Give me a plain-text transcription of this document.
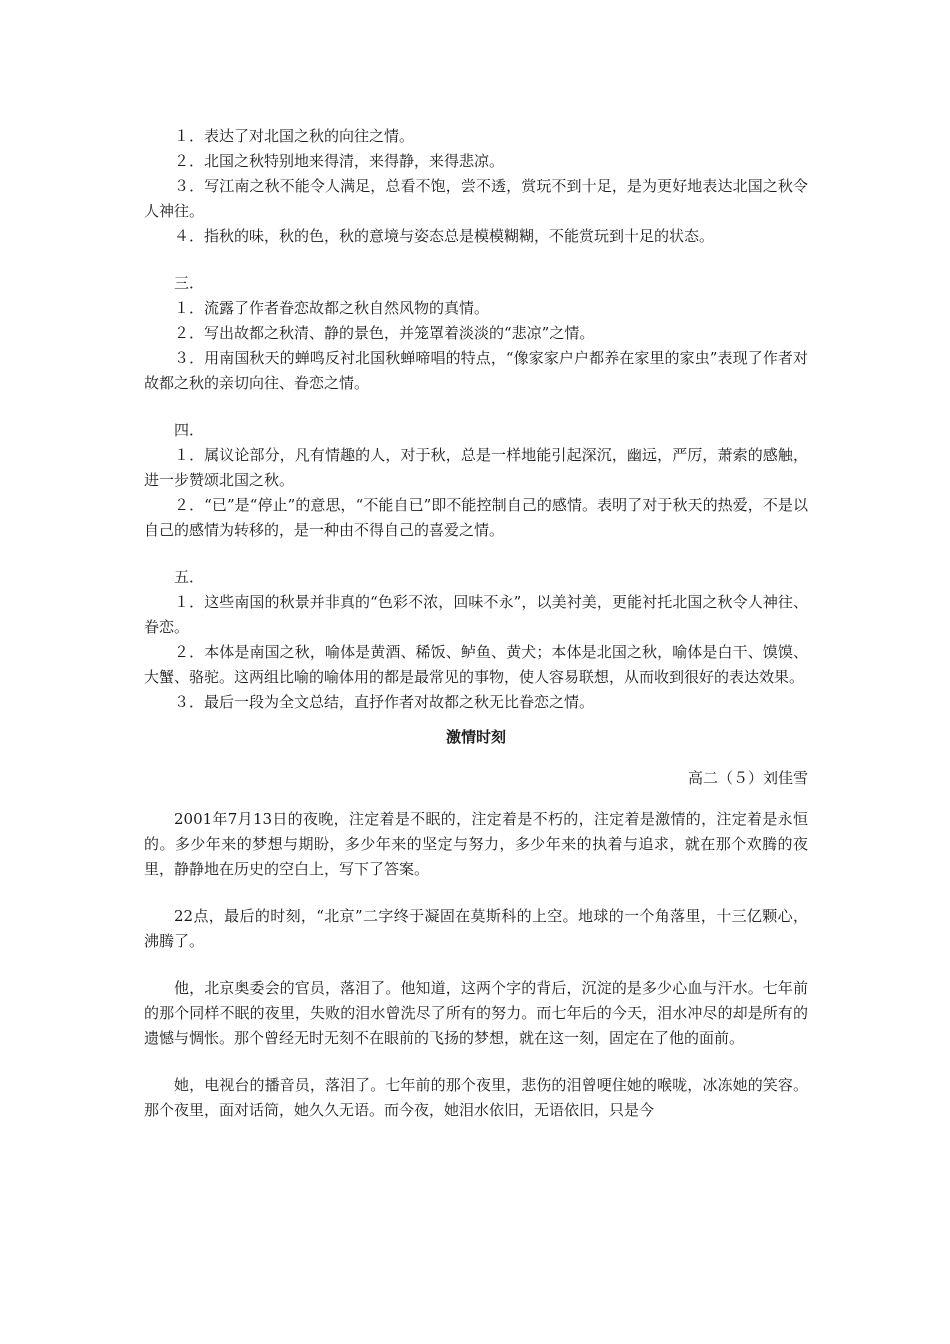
１．表达了对北国之秋的向往之情。

２．北国之秋特别地来得清，来得静，来得悲凉。

３．写江南之秋不能令人满足，总看不饱，尝不透，赏玩不到十足，是为更好地表达北国之秋令人神往。

４．指秋的味，秋的色，秋的意境与姿态总是模模糊糊，不能赏玩到十足的状态。

三．

１．流露了作者眷恋故都之秋自然风物的真情。

２．写出故都之秋清、静的景色，并笼罩着淡淡的“悲凉”之情。

３．用南国秋天的蝉鸣反衬北国秋蝉啼唱的特点，“像家家户户都养在家里的家虫”表现了作者对故都之秋的亲切向往、眷恋之情。

四．

１．属议论部分，凡有情趣的人，对于秋，总是一样地能引起深沉，幽远，严厉，萧索的感触，进一步赞颂北国之秋。

２．“已”是“停止”的意思，“不能自已”即不能控制自己的感情。表明了对于秋天的热爱，不是以自己的感情为转移的，是一种由不得自己的喜爱之情。

五．

１．这些南国的秋景并非真的“色彩不浓，回味不永”，以美衬美，更能衬托北国之秋令人神往、眷恋。

２．本体是南国之秋，喻体是黄酒、稀饭、鲈鱼、黄犬；本体是北国之秋，喻体是白干、馍馍、大蟹、骆驼。这两组比喻的喻体用的都是最常见的事物，使人容易联想，从而收到很好的表达效果。

３．最后一段为全文总结，直抒作者对故都之秋无比眷恋之情。

激情时刻
高二（５）刘佳雪

2001年7月13日的夜晚，注定着是不眠的，注定着是不朽的，注定着是激情的，注定着是永恒的。多少年来的梦想与期盼，多少年来的坚定与努力，多少年来的执着与追求，就在那个欢腾的夜里，静静地在历史的空白上，写下了答案。

22点，最后的时刻，“北京”二字终于凝固在莫斯科的上空。地球的一个角落里，十三亿颗心，沸腾了。

他，北京奥委会的官员，落泪了。他知道，这两个字的背后，沉淀的是多少心血与汗水。七年前的那个同样不眠的夜里，失败的泪水曾洗尽了所有的努力。而七年后的今天，泪水冲尽的却是所有的遗憾与惆怅。那个曾经无时无刻不在眼前的飞扬的梦想，就在这一刻，固定在了他的面前。

她，电视台的播音员，落泪了。七年前的那个夜里，悲伤的泪曾哽住她的喉咙，冰冻她的笑容。那个夜里，面对话筒，她久久无语。而今夜，她泪水依旧，无语依旧，只是今
